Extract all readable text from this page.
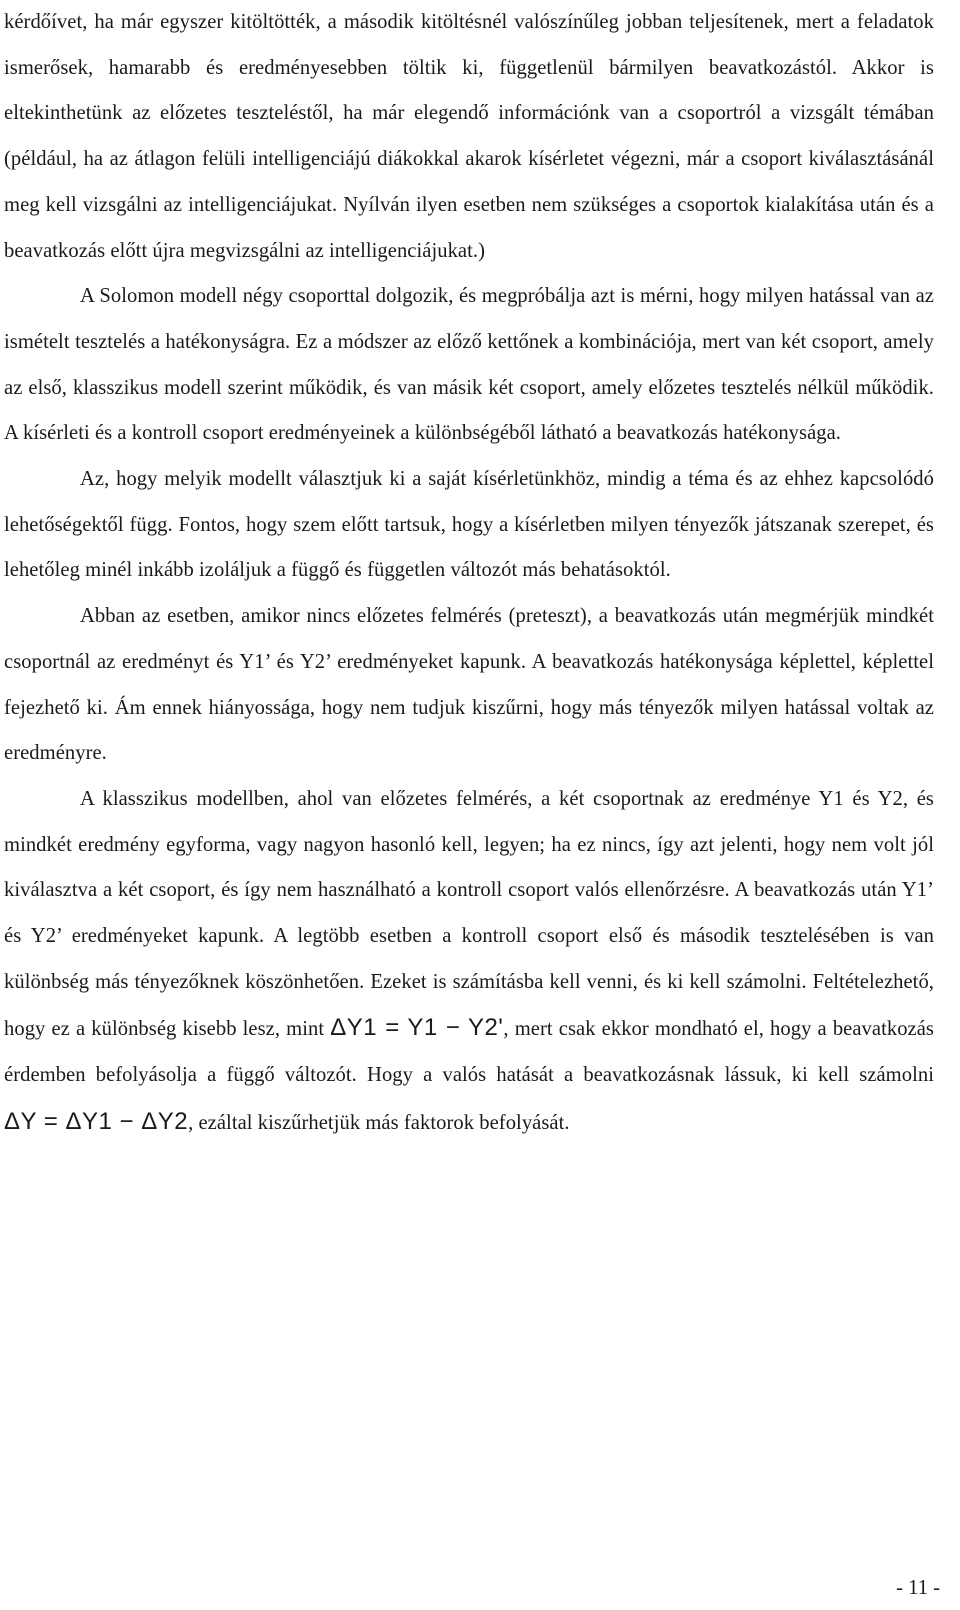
kérdőívet, ha már egyszer kitöltötték, a második kitöltésnél valószínűleg jobban teljesítenek, mert a feladatok ismerősek, hamarabb és eredményesebben töltik ki, függetlenül bármilyen beavatkozástól. Akkor is eltekinthetünk az előzetes teszteléstől, ha már elegendő információnk van a csoportról a vizsgált témában (például, ha az átlagon felüli intelligenciájú diákokkal akarok kísérletet végezni, már a csoport kiválasztásánál meg kell vizsgálni az intelligenciájukat. Nyílván ilyen esetben nem szükséges a csoportok kialakítása után és a beavatkozás előtt újra megvizsgálni az intelligenciájukat.)

A Solomon modell négy csoporttal dolgozik, és megpróbálja azt is mérni, hogy milyen hatással van az ismételt tesztelés a hatékonyságra. Ez a módszer az előző kettőnek a kombinációja, mert van két csoport, amely az első, klasszikus modell szerint működik, és van másik két csoport, amely előzetes tesztelés nélkül működik. A kísérleti és a kontroll csoport eredményeinek a különbségéből látható a beavatkozás hatékonysága.

Az, hogy melyik modellt választjuk ki a saját kísérletünkhöz, mindig a téma és az ehhez kapcsolódó lehetőségektől függ. Fontos, hogy szem előtt tartsuk, hogy a kísérletben milyen tényezők játszanak szerepet, és lehetőleg minél inkább izoláljuk a függő és független változót más behatásoktól.

Abban az esetben, amikor nincs előzetes felmérés (preteszt), a beavatkozás után megmérjük mindkét csoportnál az eredményt és Y1’ és Y2’ eredményeket kapunk. A beavatkozás hatékonysága képlettel, képlettel fejezhető ki. Ám ennek hiányossága, hogy nem tudjuk kiszűrni, hogy más tényezők milyen hatással voltak az eredményre.

A klasszikus modellben, ahol van előzetes felmérés, a két csoportnak az eredménye Y1 és Y2, és mindkét eredmény egyforma, vagy nagyon hasonló kell, legyen; ha ez nincs, így azt jelenti, hogy nem volt jól kiválasztva a két csoport, és így nem használható a kontroll csoport valós ellenőrzésre. A beavatkozás után Y1’ és Y2’ eredményeket kapunk. A legtöbb esetben a kontroll csoport első és második tesztelésében is van különbség más tényezőknek köszönhetően. Ezeket is számításba kell venni, és ki kell számolni. Feltételezhető, hogy ez a különbség kisebb lesz, mint ΔY1 = Y1 − Y2', mert csak ekkor mondható el, hogy a beavatkozás érdemben befolyásolja a függő változót. Hogy a valós hatását a beavatkozásnak lássuk, ki kell számolni ΔY = ΔY1 − ΔY2, ezáltal kiszűrhetjük más faktorok befolyását.

- 11 -
